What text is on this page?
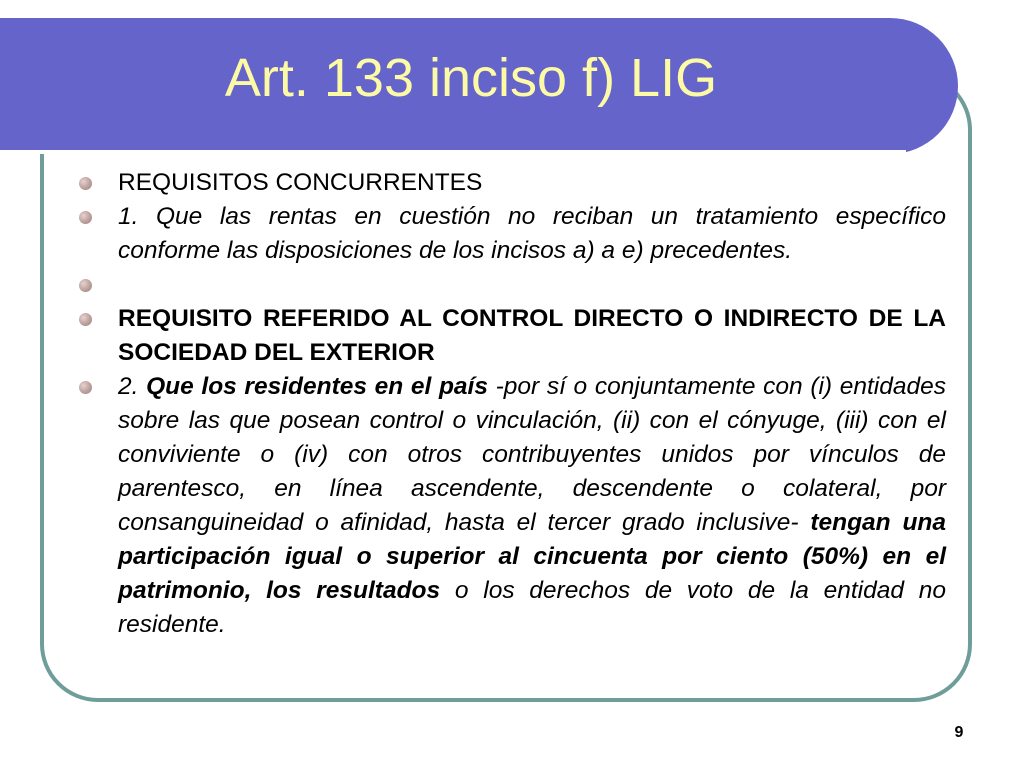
Art. 133 inciso f) LIG

REQUISITOS CONCURRENTES

1. Que las rentas en cuestión no reciban un tratamiento específico conforme las disposiciones de los incisos a) a e) precedentes.

REQUISITO REFERIDO AL CONTROL DIRECTO O INDIRECTO DE LA SOCIEDAD DEL EXTERIOR

2. Que los residentes en el país -por sí o conjuntamente con (i) entidades sobre las que posean control o vinculación, (ii) con el cónyuge, (iii) con el conviviente o (iv) con otros contribuyentes unidos por vínculos de parentesco, en línea ascendente, descendente o colateral, por consanguineidad o afinidad, hasta el tercer grado inclusive- tengan una participación igual o superior al cincuenta por ciento (50%) en el patrimonio, los resultados o los derechos de voto de la entidad no residente.

9
